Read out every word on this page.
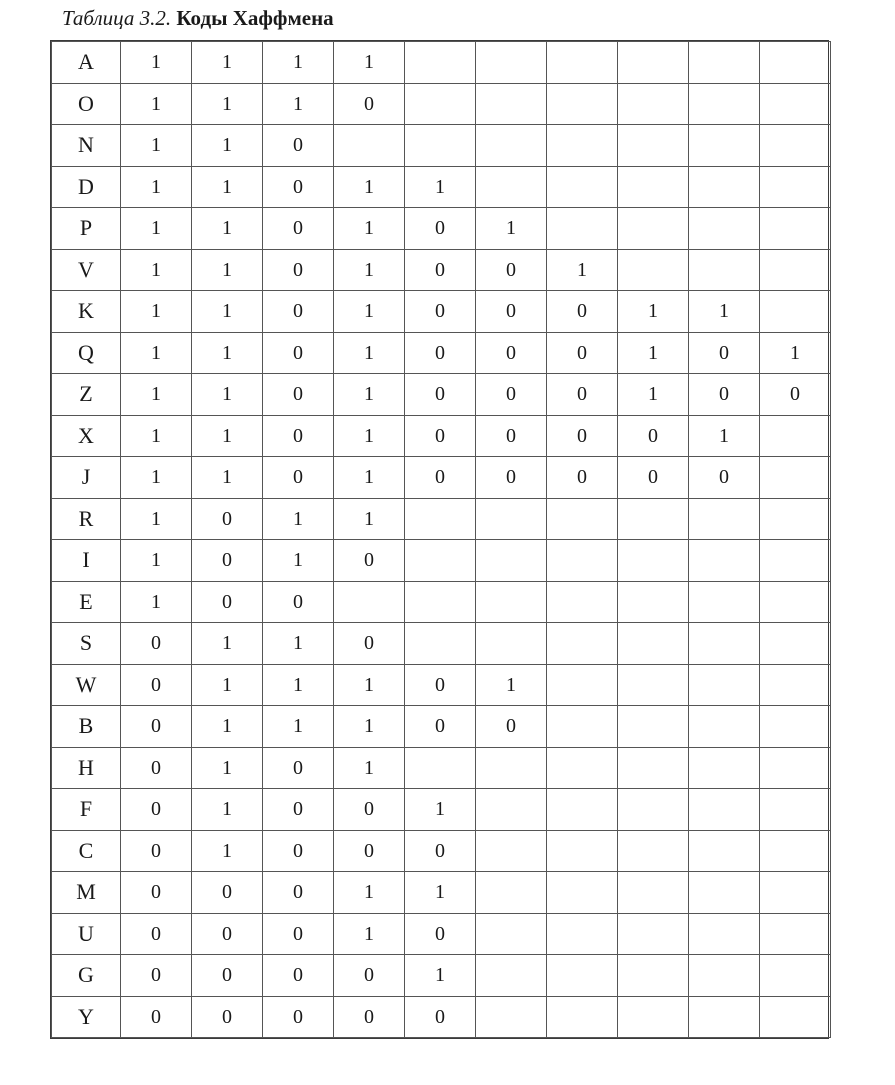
Таблица 3.2. Коды Хаффмена
A	1	1	1	1						
O	1	1	1	0						
N	1	1	0							
D	1	1	0	1	1					
P	1	1	0	1	0	1				
V	1	1	0	1	0	0	1			
K	1	1	0	1	0	0	0	1	1	
Q	1	1	0	1	0	0	0	1	0	1
Z	1	1	0	1	0	0	0	1	0	0
X	1	1	0	1	0	0	0	0	1	
J	1	1	0	1	0	0	0	0	0	
R	1	0	1	1						
I	1	0	1	0						
E	1	0	0							
S	0	1	1	0						
W	0	1	1	1	0	1				
B	0	1	1	1	0	0				
H	0	1	0	1						
F	0	1	0	0	1					
C	0	1	0	0	0					
M	0	0	0	1	1					
U	0	0	0	1	0					
G	0	0	0	0	1					
Y	0	0	0	0	0					
